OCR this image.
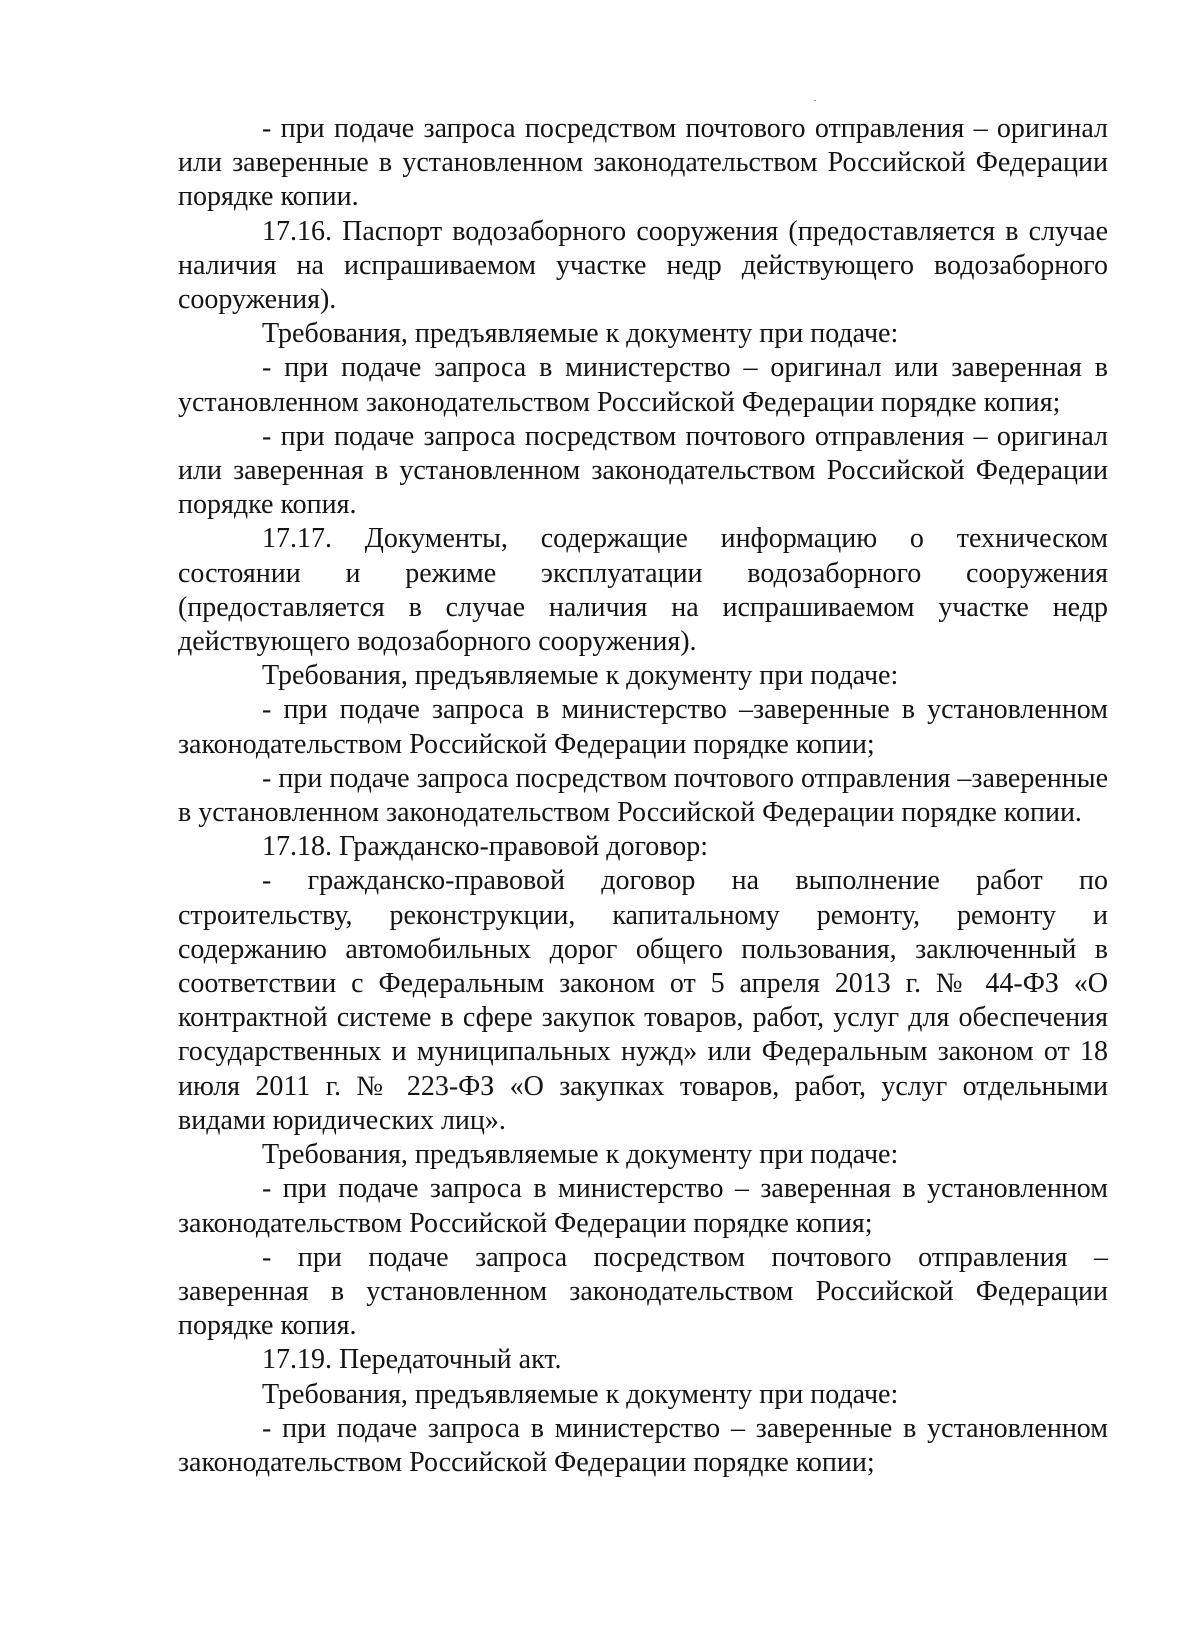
- при подаче запроса посредством почтового отправления – оригинал или заверенные в установленном законодательством Российской Федерации порядке копии.

17.16. Паспорт водозаборного сооружения (предоставляется в случае наличия на испрашиваемом участке недр действующего водозаборного сооружения).

Требования, предъявляемые к документу при подаче:

- при подаче запроса в министерство – оригинал или заверенная в установленном законодательством Российской Федерации порядке копия;

- при подаче запроса посредством почтового отправления – оригинал или заверенная в установленном законодательством Российской Федерации порядке копия.

17.17. Документы, содержащие информацию о техническом состоянии и режиме эксплуатации водозаборного сооружения (предоставляется в случае наличия на испрашиваемом участке недр действующего водозаборного сооружения).

Требования, предъявляемые к документу при подаче:

- при подаче запроса в министерство –заверенные в установленном законодательством Российской Федерации порядке копии;

- при подаче запроса посредством почтового отправления –заверенные в установленном законодательством Российской Федерации порядке копии.

17.18. Гражданско-правовой договор:

- гражданско-правовой договор на выполнение работ по строительству, реконструкции, капитальному ремонту, ремонту и содержанию автомобильных дорог общего пользования, заключенный в соответствии с Федеральным законом от 5 апреля 2013 г. № 44-ФЗ «О контрактной системе в сфере закупок товаров, работ, услуг для обеспечения государственных и муниципальных нужд» или Федеральным законом от 18 июля 2011 г. № 223-ФЗ «О закупках товаров, работ, услуг отдельными видами юридических лиц».

Требования, предъявляемые к документу при подаче:

- при подаче запроса в министерство – заверенная в установленном законодательством Российской Федерации порядке копия;

- при подаче запроса посредством почтового отправления – заверенная в установленном законодательством Российской Федерации порядке копия.

17.19. Передаточный акт.

Требования, предъявляемые к документу при подаче:

- при подаче запроса в министерство – заверенные в установленном законодательством Российской Федерации порядке копии;
